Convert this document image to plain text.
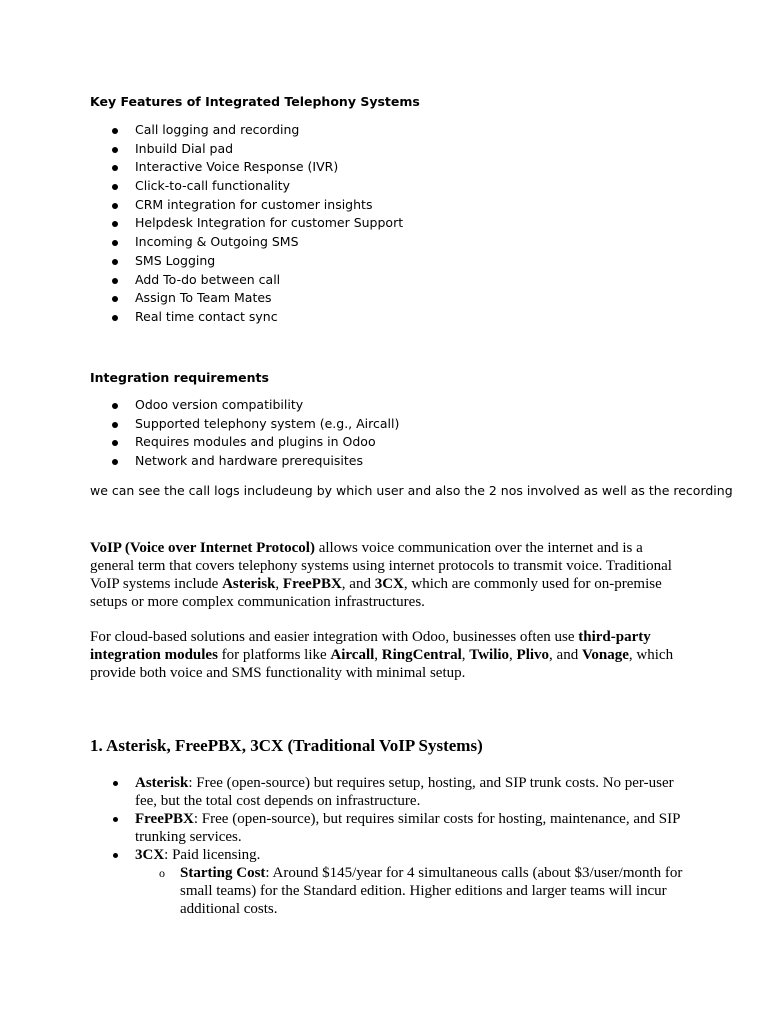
Key Features of Integrated Telephony Systems
Call logging and recording
Inbuild Dial pad
Interactive Voice Response (IVR)
Click-to-call functionality
CRM integration for customer insights
Helpdesk Integration for customer Support
Incoming & Outgoing SMS
SMS Logging
Add To-do between call
Assign To Team Mates
Real time contact sync
Integration requirements
Odoo version compatibility
Supported telephony system (e.g., Aircall)
Requires modules and plugins in Odoo
Network and hardware prerequisites
we can see the call logs includeung by which user and also the 2 nos involved as well as the recording

VoIP (Voice over Internet Protocol) allows voice communication over the internet and is a general term that covers telephony systems using internet protocols to transmit voice. Traditional VoIP systems include Asterisk, FreePBX, and 3CX, which are commonly used for on-premise setups or more complex communication infrastructures.

For cloud-based solutions and easier integration with Odoo, businesses often use third-party integration modules for platforms like Aircall, RingCentral, Twilio, Plivo, and Vonage, which provide both voice and SMS functionality with minimal setup.

1. Asterisk, FreePBX, 3CX (Traditional VoIP Systems)
Asterisk: Free (open-source) but requires setup, hosting, and SIP trunk costs. No per-user fee, but the total cost depends on infrastructure.
FreePBX: Free (open-source), but requires similar costs for hosting, maintenance, and SIP trunking services.
3CX: Paid licensing.
o Starting Cost: Around $145/year for 4 simultaneous calls (about $3/user/month for small teams) for the Standard edition. Higher editions and larger teams will incur additional costs.
